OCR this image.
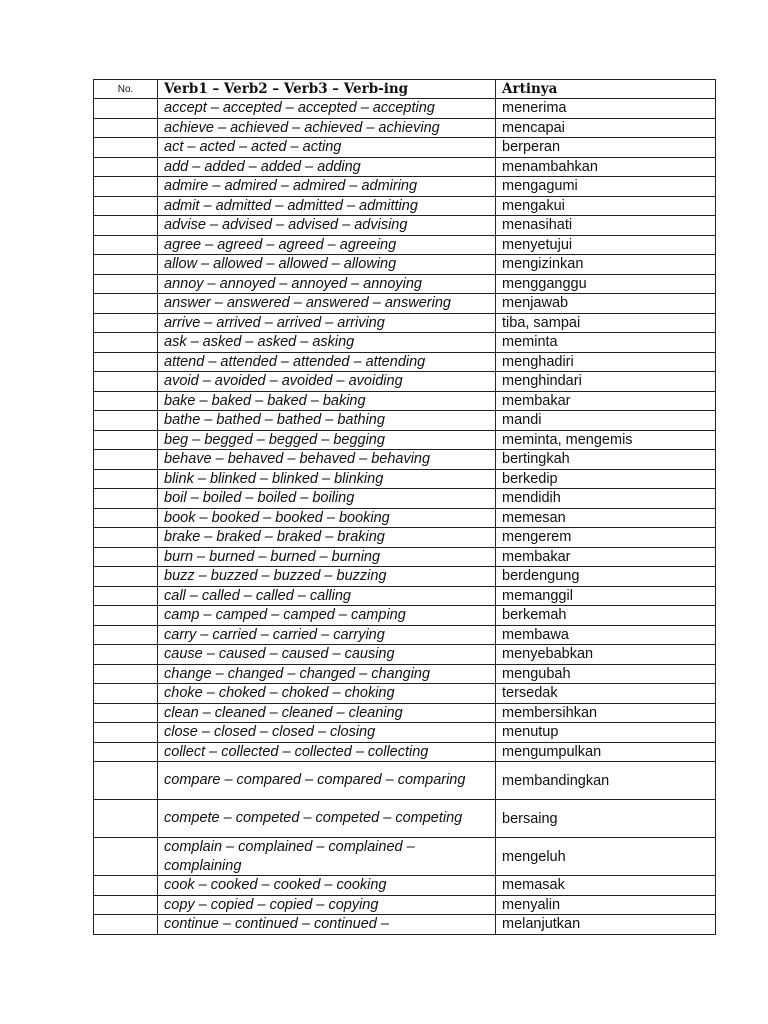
No.	Verb1 – Verb2 – Verb3 – Verb-ing	Artinya
	accept – accepted – accepted – accepting	menerima
	achieve – achieved – achieved – achieving	mencapai
	act – acted – acted – acting	berperan
	add – added – added – adding	menambahkan
	admire – admired – admired – admiring	mengagumi
	admit – admitted – admitted – admitting	mengakui
	advise – advised – advised – advising	menasihati
	agree – agreed – agreed – agreeing	menyetujui
	allow – allowed – allowed – allowing	mengizinkan
	annoy – annoyed – annoyed – annoying	mengganggu
	answer – answered – answered – answering	menjawab
	arrive – arrived – arrived – arriving	tiba, sampai
	ask – asked – asked – asking	meminta
	attend – attended – attended – attending	menghadiri
	avoid – avoided – avoided – avoiding	menghindari
	bake – baked – baked – baking	membakar
	bathe – bathed – bathed – bathing	mandi
	beg – begged – begged – begging	meminta, mengemis
	behave – behaved – behaved – behaving	bertingkah
	blink – blinked – blinked – blinking	berkedip
	boil – boiled – boiled – boiling	mendidih
	book – booked – booked – booking	memesan
	brake – braked – braked – braking	mengerem
	burn – burned – burned – burning	membakar
	buzz – buzzed – buzzed – buzzing	berdengung
	call – called – called – calling	memanggil
	camp – camped – camped – camping	berkemah
	carry – carried – carried – carrying	membawa
	cause – caused – caused – causing	menyebabkan
	change – changed – changed – changing	mengubah
	choke – choked – choked – choking	tersedak
	clean – cleaned – cleaned – cleaning	membersihkan
	close – closed – closed – closing	menutup
	collect – collected – collected – collecting	mengumpulkan
	compare – compared – compared – comparing	membandingkan
	compete – competed – competed – competing	bersaing
	complain – complained – complained – complaining	mengeluh
	cook – cooked – cooked – cooking	memasak
	copy – copied – copied – copying	menyalin
	continue – continued – continued –	melanjutkan
